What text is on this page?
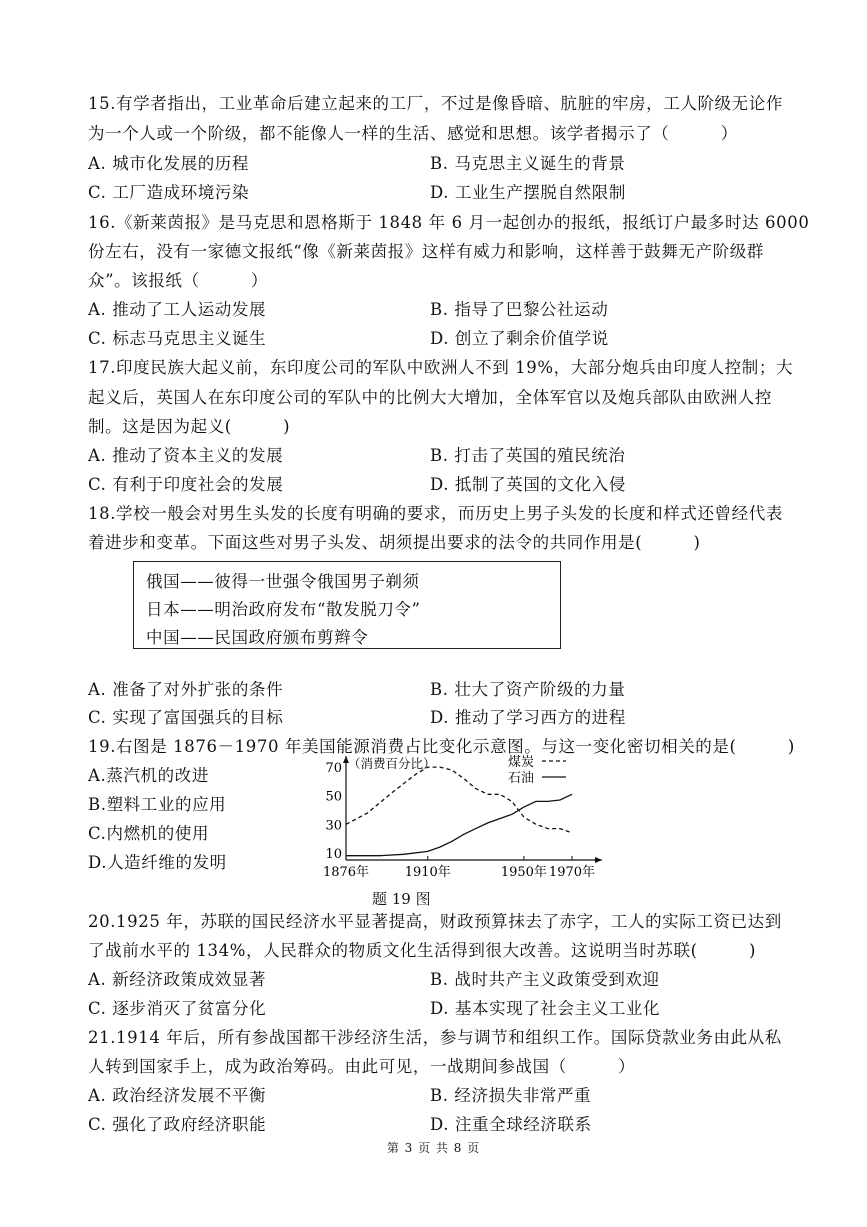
15.有学者指出，工业革命后建立起来的工厂，不过是像昏暗、肮脏的牢房，工人阶级无论作
为一个人或一个阶级，都不能像人一样的生活、感觉和思想。该学者揭示了（　　　）
A. 城市化发展的历程	B. 马克思主义诞生的背景
C. 工厂造成环境污染	D. 工业生产摆脱自然限制
16.《新莱茵报》是马克思和恩格斯于 1848 年 6 月一起创办的报纸，报纸订户最多时达 6000
份左右，没有一家德文报纸“像《新莱茵报》这样有威力和影响，这样善于鼓舞无产阶级群
众”。该报纸（　　　）
A. 推动了工人运动发展	B. 指导了巴黎公社运动
C. 标志马克思主义诞生	D. 创立了剩余价值学说
17.印度民族大起义前，东印度公司的军队中欧洲人不到 19%，大部分炮兵由印度人控制；大
起义后，英国人在东印度公司的军队中的比例大大增加，全体军官以及炮兵部队由欧洲人控
制。这是因为起义(　　　)
A. 推动了资本主义的发展	B. 打击了英国的殖民统治
C. 有利于印度社会的发展	D. 抵制了英国的文化入侵
18.学校一般会对男生头发的长度有明确的要求，而历史上男子头发的长度和样式还曾经代表
着进步和变革。下面这些对男子头发、胡须提出要求的法令的共同作用是(　　　)
俄国——彼得一世强令俄国男子剃须
日本——明治政府发布“散发脱刀令”
中国——民国政府颁布剪辫令
A. 准备了对外扩张的条件	B. 壮大了资产阶级的力量
C. 实现了富国强兵的目标	D. 推动了学习西方的进程
19.右图是 1876－1970 年美国能源消费占比变化示意图。与这一变化密切相关的是(　　　)
A.蒸汽机的改进
B.塑料工业的应用
C.内燃机的使用
D.人造纤维的发明	10
30
50
70 （消费百分比）
1876年	1910年	1950年 1970年
煤炭
石油
题 19 图
20.1925 年，苏联的国民经济水平显著提高，财政预算抹去了赤字，工人的实际工资已达到
了战前水平的 134%，人民群众的物质文化生活得到很大改善。这说明当时苏联(　　　)
A. 新经济政策成效显著	B. 战时共产主义政策受到欢迎
C. 逐步消灭了贫富分化	D. 基本实现了社会主义工业化
21.1914 年后，所有参战国都干涉经济生活，参与调节和组织工作。国际贷款业务由此从私
人转到国家手上，成为政治筹码。由此可见，一战期间参战国（　　　）
A. 政治经济发展不平衡	B. 经济损失非常严重
C. 强化了政府经济职能	D. 注重全球经济联系
第 3 页 共 8 页
